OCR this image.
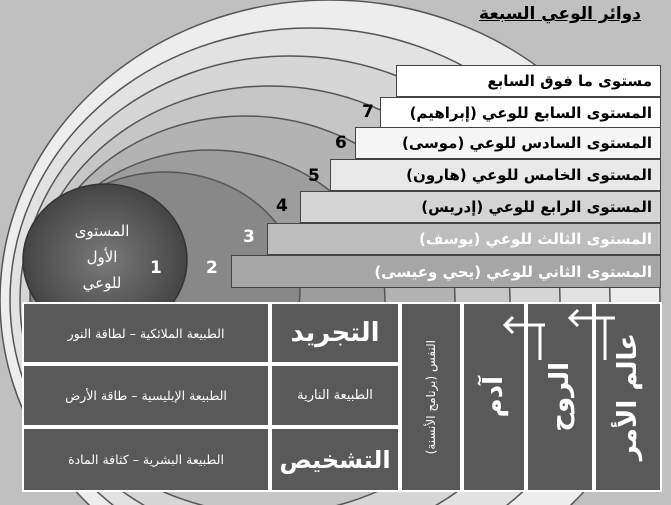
دوائر الوعي السبعة
مستوى ما فوق السابع
المستوى السابع للوعي (إبراهيم)
المستوى السادس للوعي (موسى)
المستوى الخامس للوعي (هارون)
المستوى الرابع للوعي (إدريس)
المستوى الثالث للوعي (يوسف)
المستوى الثاني للوعي (يحي وعيسى)
7
6
5
4
3
2
1
المستوى
الأول
للوعي
الطبيعة الملائكية – لطاقة النور
الطبيعة الإبليسية – طاقة الأرض
الطبيعة البشرية – كثافة المادة
التجريد
الطبيعة النارية
التشخيص
النفس (برنامج الأنسنة) آدم الروح عالم الأمر
